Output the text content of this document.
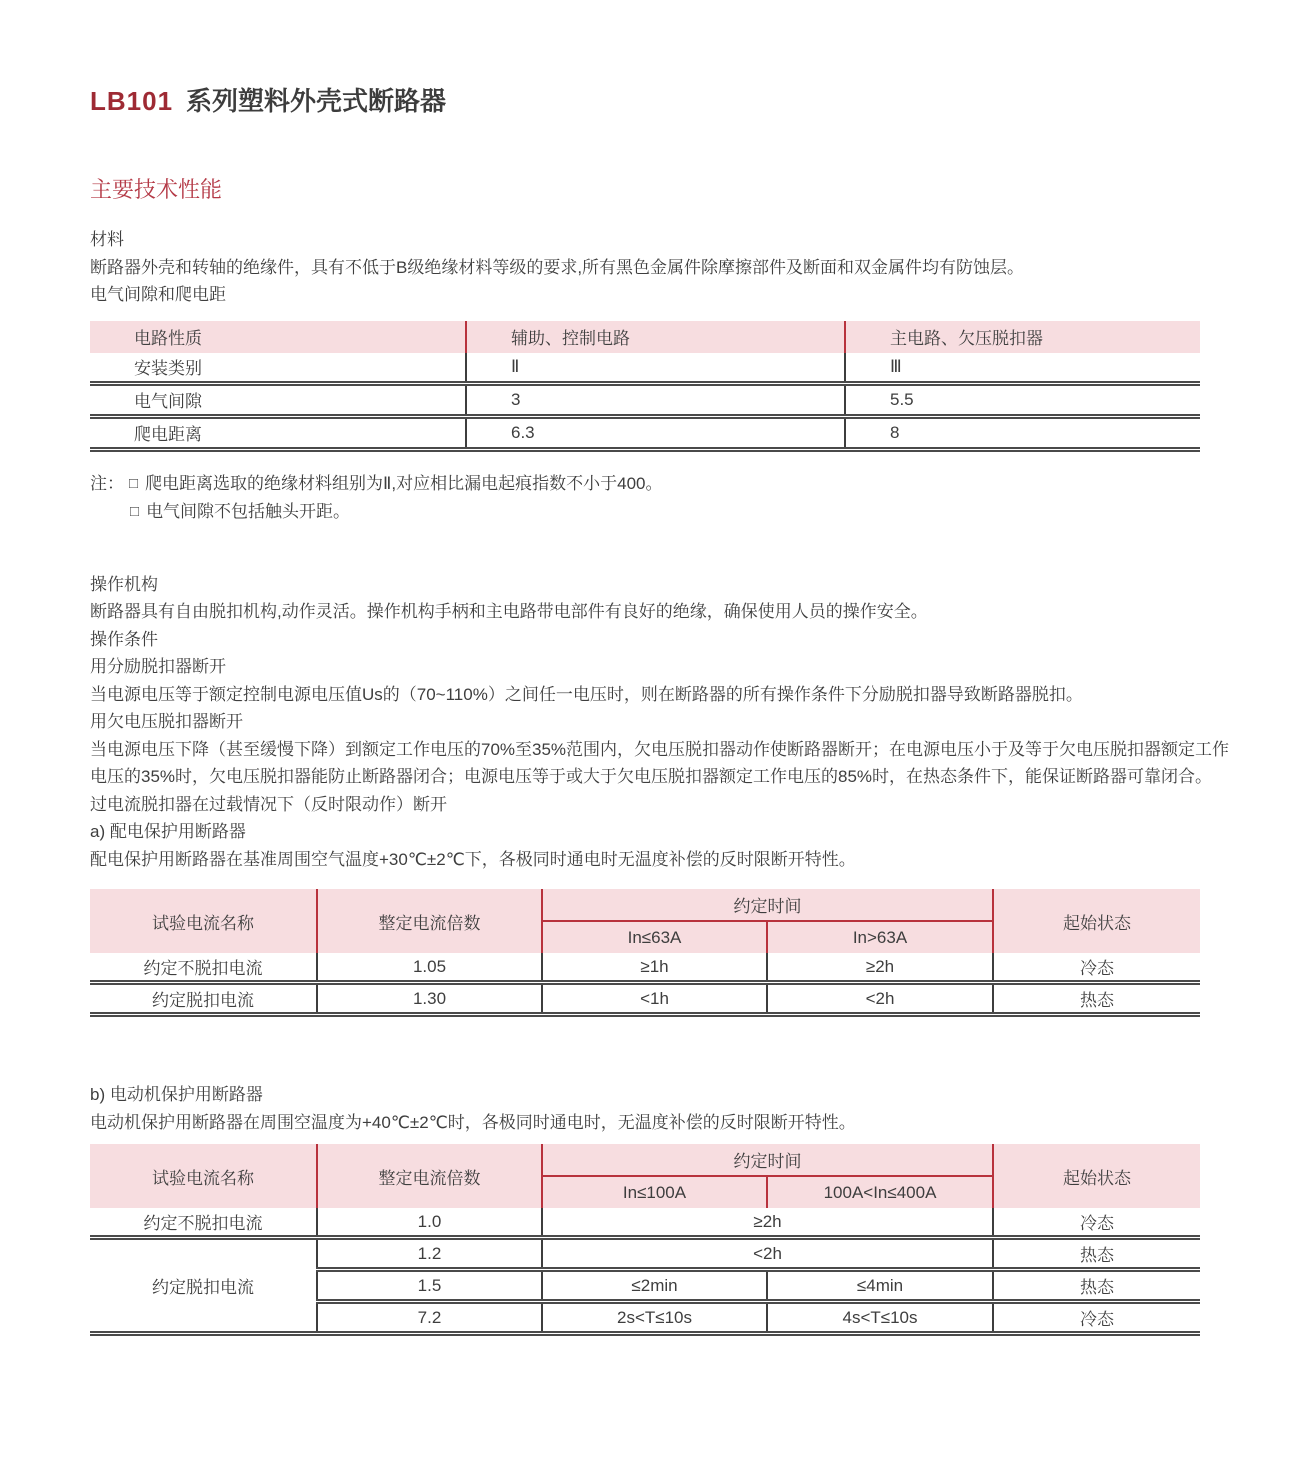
LB101 系列塑料外壳式断路器
主要技术性能

材料

断路器外壳和转轴的绝缘件，具有不低于B级绝缘材料等级的要求,所有黑色金属件除摩擦部件及断面和双金属件均有防蚀层。

电气间隙和爬电距

电路性质	辅助、控制电路	主电路、欠压脱扣器
安装类别	Ⅱ	Ⅲ
电气间隙	3	5.5
爬电距离	6.3	8

注： □ 爬电距离选取的绝缘材料组别为Ⅱ,对应相比漏电起痕指数不小于400。

□ 电气间隙不包括触头开距。

操作机构

断路器具有自由脱扣机构,动作灵活。操作机构手柄和主电路带电部件有良好的绝缘，确保使用人员的操作安全。

操作条件

用分励脱扣器断开

当电源电压等于额定控制电源电压值Us的（70~110%）之间任一电压时，则在断路器的所有操作条件下分励脱扣器导致断路器脱扣。

用欠电压脱扣器断开

当电源电压下降（甚至缓慢下降）到额定工作电压的70%至35%范围内，欠电压脱扣器动作使断路器断开；在电源电压小于及等于欠电压脱扣器额定工作电压的35%时，欠电压脱扣器能防止断路器闭合；电源电压等于或大于欠电压脱扣器额定工作电压的85%时，在热态条件下，能保证断路器可靠闭合。

过电流脱扣器在过载情况下（反时限动作）断开

a) 配电保护用断路器

配电保护用断路器在基准周围空气温度+30℃±2℃下，各极同时通电时无温度补偿的反时限断开特性。

试验电流名称	整定电流倍数	约定时间		起始状态
		In≤63A	In>63A	
约定不脱扣电流	1.05	≥1h	≥2h	冷态
约定脱扣电流	1.30	<1h	<2h	热态

b) 电动机保护用断路器

电动机保护用断路器在周围空温度为+40℃±2℃时，各极同时通电时，无温度补偿的反时限断开特性。

试验电流名称	整定电流倍数	约定时间		起始状态
		In≤100A	100A<In≤400A	
约定不脱扣电流	1.0	≥2h		冷态
约定脱扣电流	1.2	<2h		热态
	1.5	≤2min	≤4min	热态
	7.2	2s<T≤10s	4s<T≤10s	冷态
